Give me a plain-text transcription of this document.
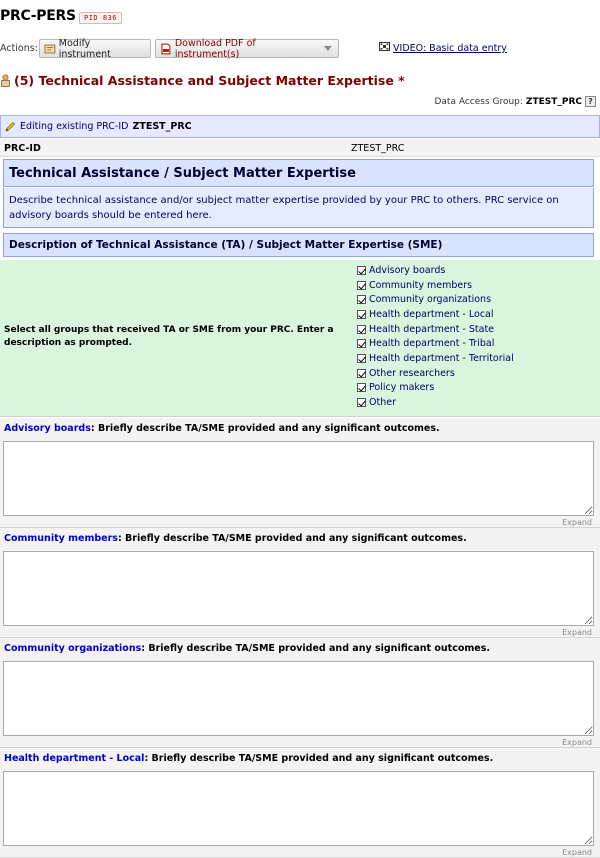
PRC-PERS	PID 836
Actions: Modify instrument
Download PDF of instrument(s)	VIDEO: Basic data entry
(5) Technical Assistance and Subject Matter Expertise *
Data Access Group: ZTEST_PRC ?
Editing existing PRC-ID ZTEST_PRC
PRC-ID	ZTEST_PRC
Technical Assistance / Subject Matter Expertise
Describe technical assistance and/or subject matter expertise provided by your PRC to others. PRC service on advisory boards should be entered here.
Description of Technical Assistance (TA) / Subject Matter Expertise (SME)
Select all groups that received TA or SME from your PRC. Enter a description as prompted.
Advisory boards
Community members
Community organizations
Health department - Local
Health department - State
Health department - Tribal
Health department - Territorial
Other researchers
Policy makers
Other
Advisory boards: Briefly describe TA/SME provided and any significant outcomes.
Expand
Community members: Briefly describe TA/SME provided and any significant outcomes.
Expand
Community organizations: Briefly describe TA/SME provided and any significant outcomes.
Expand
Health department - Local: Briefly describe TA/SME provided and any significant outcomes.
Expand
